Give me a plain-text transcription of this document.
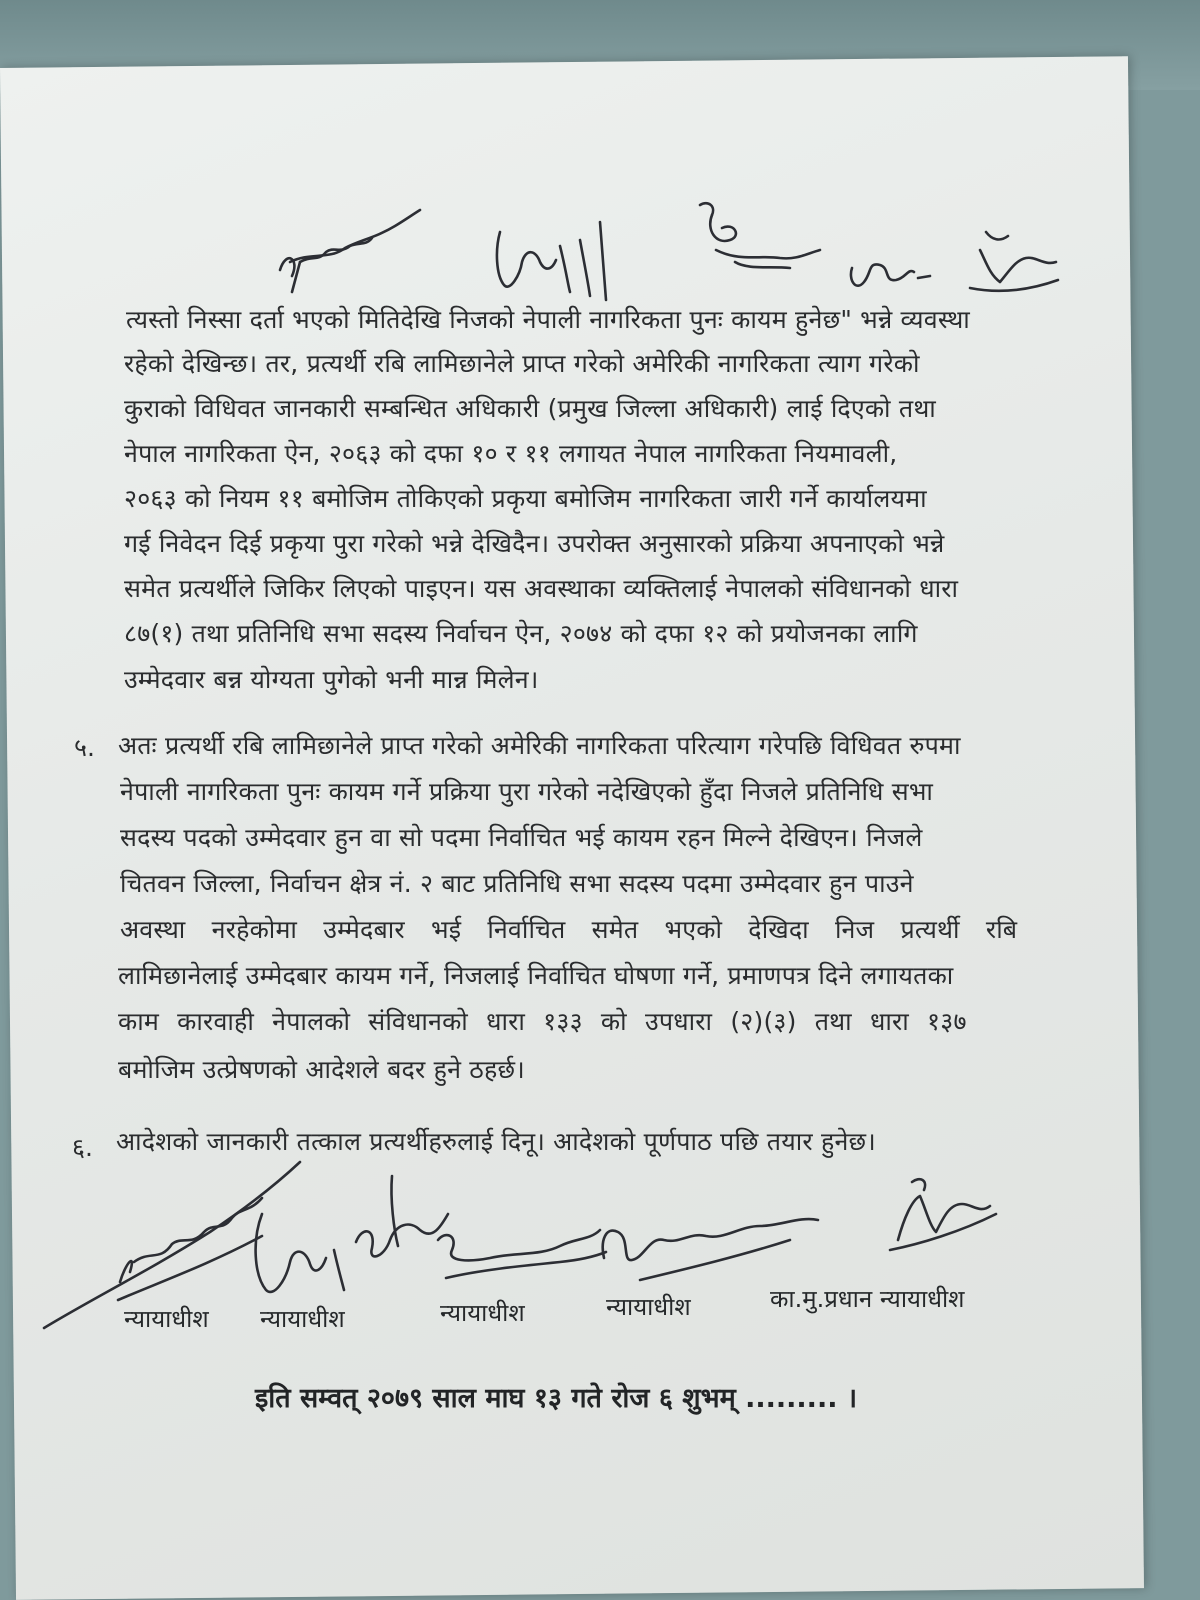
त्यस्तो निस्सा दर्ता भएको मितिदेखि निजको नेपाली नागरिकता पुनः कायम हुनेछ" भन्ने व्यवस्था
रहेको देखिन्छ। तर, प्रत्यर्थी रबि लामिछानेले प्राप्त गरेको अमेरिकी नागरिकता त्याग गरेको
कुराको विधिवत जानकारी सम्बन्धित अधिकारी (प्रमुख जिल्ला अधिकारी) लाई दिएको तथा
नेपाल नागरिकता ऐन, २०६३ को दफा १० र ११ लगायत नेपाल नागरिकता नियमावली,
२०६३ को नियम ११ बमोजिम तोकिएको प्रकृया बमोजिम नागरिकता जारी गर्ने कार्यालयमा
गई निवेदन दिई प्रकृया पुरा गरेको भन्ने देखिदैन। उपरोक्त अनुसारको प्रक्रिया अपनाएको भन्ने
समेत प्रत्यर्थीले जिकिर लिएको पाइएन। यस अवस्थाका व्यक्तिलाई नेपालको संविधानको धारा
८७(१) तथा प्रतिनिधि सभा सदस्य निर्वाचन ऐन, २०७४ को दफा १२ को प्रयोजनका लागि
उम्मेदवार बन्न योग्यता पुगेको भनी मान्न मिलेन।
५. अतः प्रत्यर्थी रबि लामिछानेले प्राप्त गरेको अमेरिकी नागरिकता परित्याग गरेपछि विधिवत रुपमा
नेपाली नागरिकता पुनः कायम गर्ने प्रक्रिया पुरा गरेको नदेखिएको हुँदा निजले प्रतिनिधि सभा
सदस्य पदको उम्मेदवार हुन वा सो पदमा निर्वाचित भई कायम रहन मिल्ने देखिएन। निजले
चितवन जिल्ला, निर्वाचन क्षेत्र नं. २ बाट प्रतिनिधि सभा सदस्य पदमा उम्मेदवार हुन पाउने
अवस्था नरहेकोमा उम्मेदबार भई निर्वाचित समेत भएको देखिदा निज प्रत्यर्थी रबि
लामिछानेलाई उम्मेदबार कायम गर्ने, निजलाई निर्वाचित घोषणा गर्ने, प्रमाणपत्र दिने लगायतका
काम कारवाही नेपालको संविधानको धारा १३३ को उपधारा (२)(३) तथा धारा १३७
बमोजिम उत्प्रेषणको आदेशले बदर हुने ठहर्छ।
६. आदेशको जानकारी तत्काल प्रत्यर्थीहरुलाई दिनू। आदेशको पूर्णपाठ पछि तयार हुनेछ।
न्यायाधीश न्यायाधीश	न्यायाधीश	न्यायाधीश	का.मु.प्रधान न्यायाधीश
इति सम्वत् २०७९ साल माघ १३ गते रोज ६ शुभम् ......... ।
